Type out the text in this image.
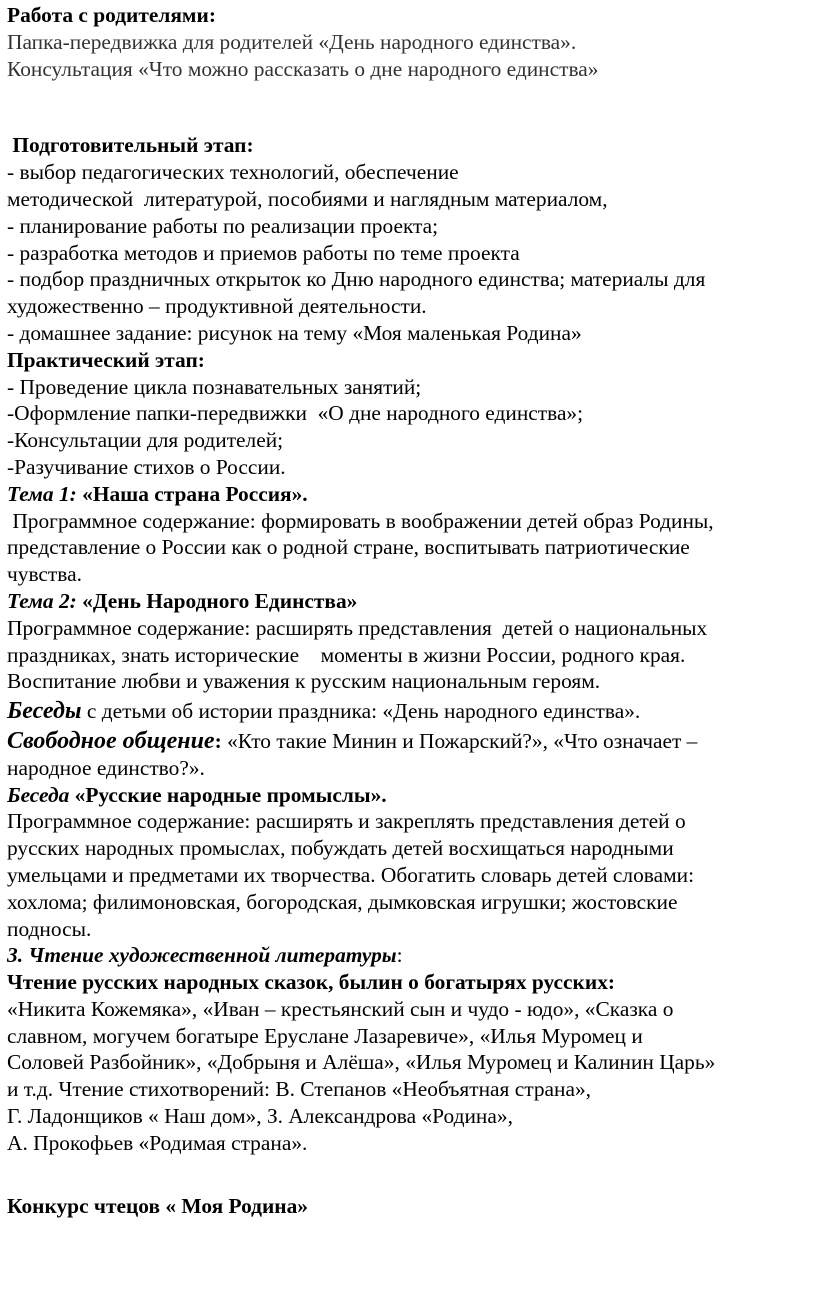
Работа с родителями:
Папка-передвижка для родителей «День народного единства».
Консультация «Что можно рассказать о дне народного единства»
Подготовительный этап:
- выбор педагогических технологий, обеспечение
методической  литературой, пособиями и наглядным материалом,
- планирование работы по реализации проекта;
- разработка методов и приемов работы по теме проекта
- подбор праздничных открыток ко Дню народного единства; материалы для
художественно – продуктивной деятельности.
- домашнее задание: рисунок на тему «Моя маленькая Родина»
Практический этап:
- Проведение цикла познавательных занятий;
-Оформление папки-передвижки  «О дне народного единства»;
-Консультации для родителей;
-Разучивание стихов о России.
Тема 1: «Наша страна Россия».
Программное содержание: формировать в воображении детей образ Родины,
представление о России как о родной стране, воспитывать патриотические
чувства.
Тема 2: «День Народного Единства»
Программное содержание: расширять представления  детей о национальных
праздниках, знать исторические    моменты в жизни России, родного края.
Воспитание любви и уважения к русским национальным героям.
Беседы с детьми об истории праздника: «День народного единства».
Свободное общение: «Кто такие Минин и Пожарский?», «Что означает –
народное единство?».
Беседа «Русские народные промыслы».
Программное содержание: расширять и закреплять представления детей о
русских народных промыслах, побуждать детей восхищаться народными
умельцами и предметами их творчества. Обогатить словарь детей словами:
хохлома; филимоновская, богородская, дымковская игрушки; жостовские
подносы.
3. Чтение художественной литературы:
Чтение русских народных сказок, былин о богатырях русских:
«Никита Кожемяка», «Иван – крестьянский сын и чудо - юдо», «Сказка о
славном, могучем богатыре Еруслане Лазаревиче», «Илья Муромец и
Соловей Разбойник», «Добрыня и Алёша», «Илья Муромец и Калинин Царь»
и т.д. Чтение стихотворений: В. Степанов «Необъятная страна»,
Г. Ладонщиков « Наш дом», З. Александрова «Родина»,
А. Прокофьев «Родимая страна».
Конкурс чтецов « Моя Родина»
